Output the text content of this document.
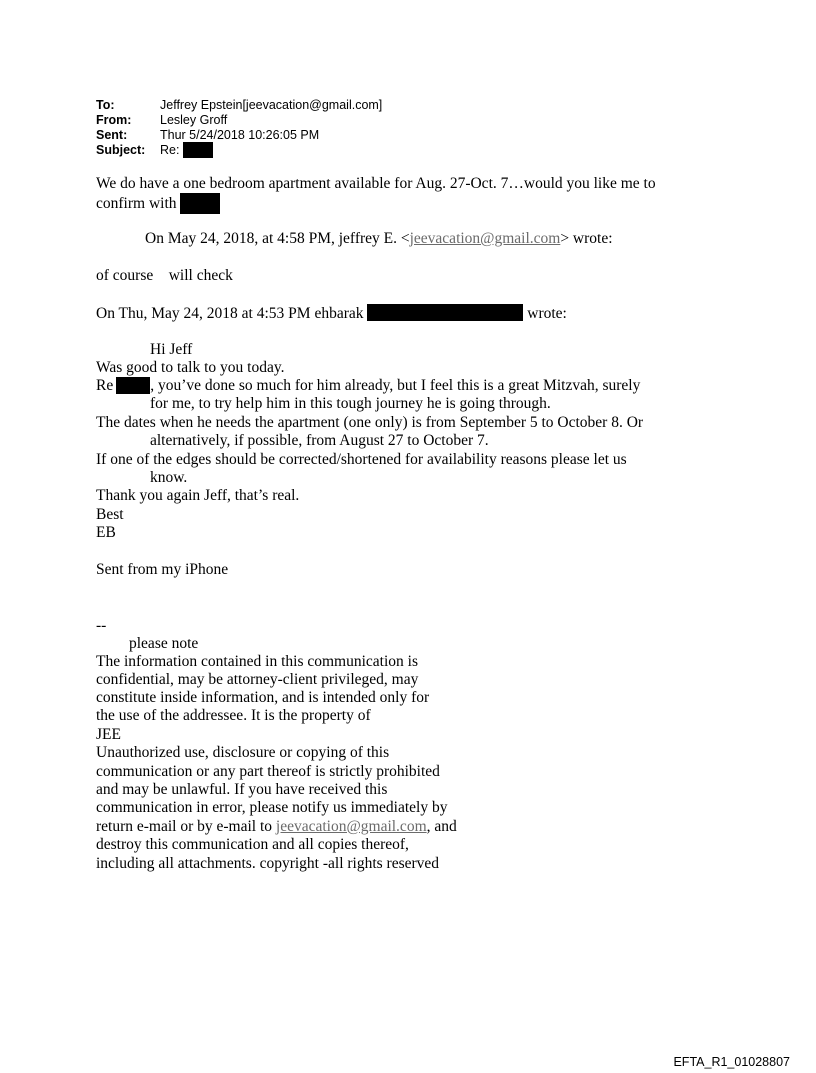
To:	Jeffrey Epstein[jeevacation@gmail.com]
From: Lesley Groff
Sent:	Thur 5/24/2018 10:26:05 PM
Subject: Re:
We do have a one bedroom apartment available for Aug. 27-Oct. 7…would you like me to
confirm with
On May 24, 2018, at 4:58 PM, jeffrey E. <jeevacation@gmail.com> wrote:
of course    will check
On Thu, May 24, 2018 at 4:53 PM ehbarak	wrote:
Hi Jeff
Was good to talk to you today.
Re , you’ve done so much for him already, but I feel this is a great Mitzvah, surely
for me, to try help him in this tough journey he is going through.
The dates when he needs the apartment (one only) is from September 5 to October 8. Or
alternatively, if possible, from August 27 to October 7.
If one of the edges should be corrected/shortened for availability reasons please let us
know.
Thank you again Jeff, that’s real.
Best
EB
Sent from my iPhone
--
please note
The information contained in this communication is
confidential, may be attorney-client privileged, may
constitute inside information, and is intended only for
the use of the addressee. It is the property of
JEE
Unauthorized use, disclosure or copying of this
communication or any part thereof is strictly prohibited
and may be unlawful. If you have received this
communication in error, please notify us immediately by
return e-mail or by e-mail to jeevacation@gmail.com, and
destroy this communication and all copies thereof,
including all attachments. copyright -all rights reserved
EFTA_R1_01028807
